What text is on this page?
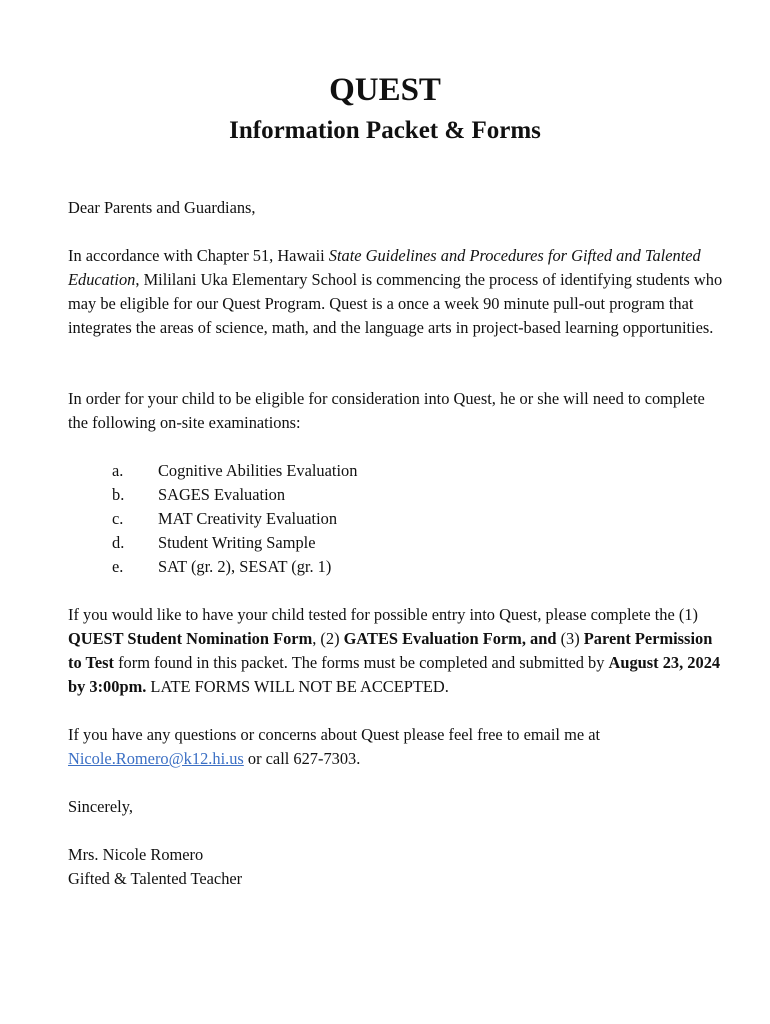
QUEST
Information Packet & Forms

Dear Parents and Guardians,

In accordance with Chapter 51, Hawaii State Guidelines and Procedures for Gifted and Talented Education, Mililani Uka Elementary School is commencing the process of identifying students who may be eligible for our Quest Program. Quest is a once a week 90 minute pull-out program that integrates the areas of science, math, and the language arts in project-based learning opportunities.

In order for your child to be eligible for consideration into Quest, he or she will need to complete the following on-site examinations:

a.	Cognitive Abilities Evaluation
b.	SAGES Evaluation
c.	MAT Creativity Evaluation
d.	Student Writing Sample
e.	SAT (gr. 2), SESAT (gr. 1)

If you would like to have your child tested for possible entry into Quest, please complete the (1) QUEST Student Nomination Form, (2) GATES Evaluation Form, and (3) Parent Permission to Test form found in this packet. The forms must be completed and submitted by August 23, 2024 by 3:00pm. LATE FORMS WILL NOT BE ACCEPTED.

If you have any questions or concerns about Quest please feel free to email me at Nicole.Romero@k12.hi.us or call 627-7303.

Sincerely,

Mrs. Nicole Romero

Gifted & Talented Teacher
